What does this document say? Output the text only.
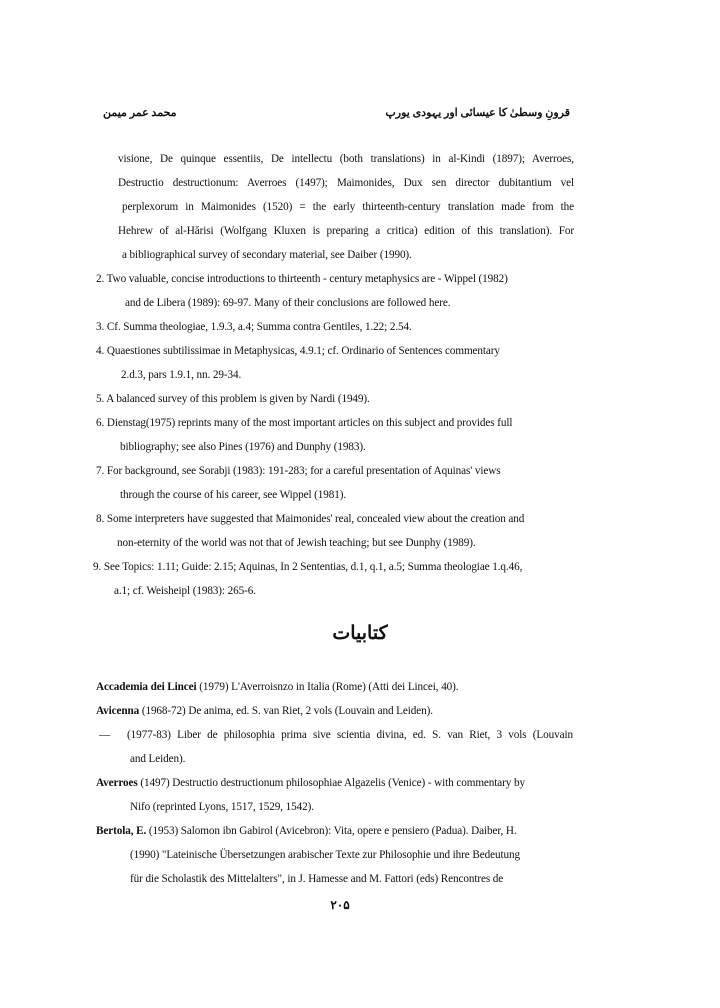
محمد عمر میمن	قرونِ وسطیٰ کا عیسائی اور یہودی یورپ
visione, De quinque essentiis, De intellectu (both translations) in al-Kindi (1897); Averroes,
Destructio destructionum: Averroes (1497); Maimonides, Dux sen director dubitantium vel
perplexorum in Maimonides (1520) = the early thirteenth-century translation made from the
Hehrew of al-Hărisi (Wolfgang Kluxen is preparing a critica) edition of this translation). For
a bibliographical survey of secondary material, see Daiber (1990).
2. Two valuable, concise introductions to thirteenth - century metaphysics are - Wippel (1982)
and de Libera (1989): 69-97. Many of their conclusions are followed here.
3. Cf. Summa theologiae, 1.9.3, a.4; Summa contra Gentiles, 1.22; 2.54.
4. Quaestiones subtilissimae in Metaphysicas, 4.9.1; cf. Ordinario of Sentences commentary
2.d.3, pars 1.9.1, nn. 29-34.
5. A balanced survey of this problem is given by Nardi (1949).
6. Dienstag(1975) reprints many of the most important articles on this subject and provides full
bibliography; see also Pines (1976) and Dunphy (1983).
7. For background, see Sorabji (1983): 191-283; for a careful presentation of Aquinas' views
through the course of his career, see Wippel (1981).
8. Some interpreters have suggested that Maimonides' real, concealed view about the creation and
non-eternity of the world was not that of Jewish teaching; but see Dunphy (1989).
9. See Topics: 1.11; Guide: 2.15; Aquinas, In 2 Sententias, d.1, q.1, a.5; Summa theologiae 1.q.46,
a.1; cf. Weisheipl (1983): 265-6.
کتابیات
Accademia dei Lincei (1979) L'Averroisnzo in Italia (Rome) (Atti dei Lincei, 40).
Avicenna (1968-72) De anima, ed. S. van Riet, 2 vols (Louvain and Leiden).
— (1977-83) Liber de philosophia prima sive scientia divina, ed. S. van Riet, 3 vols (Louvain
and Leiden).
Averroes (1497) Destructio destructionum philosophiae Algazelis (Venice) - with commentary by
Nifo (reprinted Lyons, 1517, 1529, 1542).
Bertola, E. (1953) Salomon ibn Gabirol (Avicebron): Vita, opere e pensiero (Padua). Daiber, H.
(1990) "Lateinische Übersetzungen arabischer Texte zur Philosophie und ihre Bedeutung
für die Scholastik des Mittelalters", in J. Hamesse and M. Fattori (eds) Rencontres de
۲۰۵
